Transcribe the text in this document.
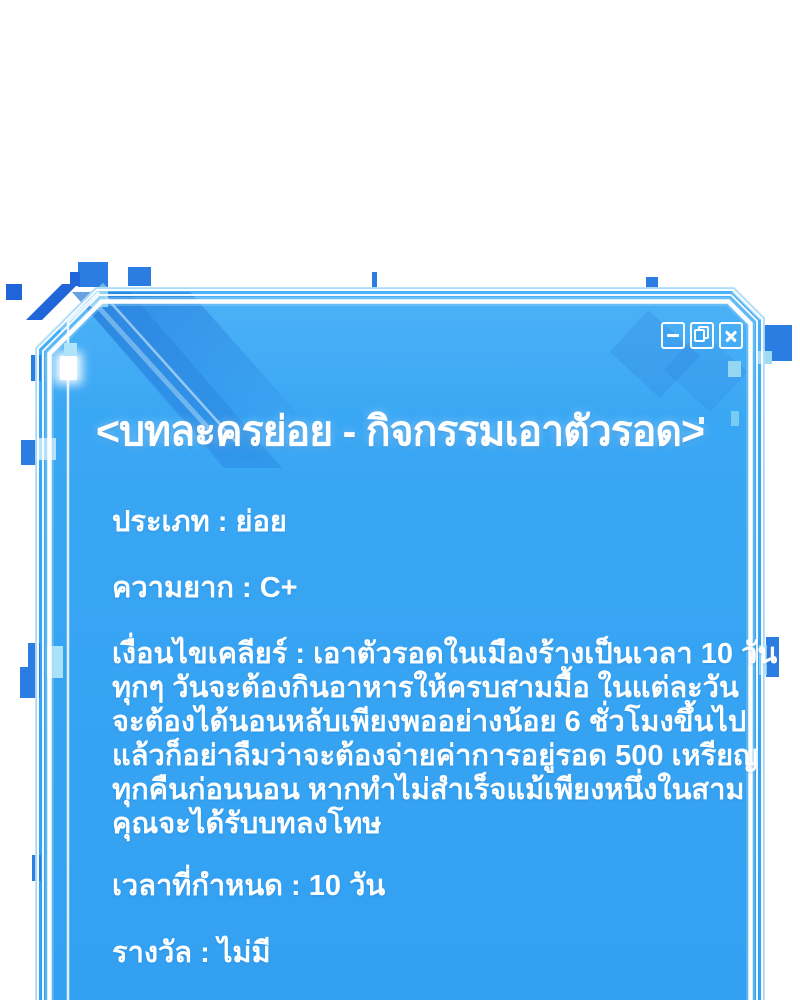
<บทละครย่อย - กิจกรรมเอาตัวรอด>
ประเภท : ย่อย
ความยาก : C+
เงื่อนไขเคลียร์ : เอาตัวรอดในเมืองร้างเป็นเวลา 10 วัน
ทุกๆ วันจะต้องกินอาหารให้ครบสามมื้อ ในแต่ละวัน
จะต้องได้นอนหลับเพียงพออย่างน้อย 6 ชั่วโมงขึ้นไป
แล้วก็อย่าลืมว่าจะต้องจ่ายค่าการอยู่รอด 500 เหรียญ
ทุกคืนก่อนนอน หากทำไม่สำเร็จแม้เพียงหนึ่งในสาม
คุณจะได้รับบทลงโทษ
เวลาที่กำหนด : 10 วัน
รางวัล : ไม่มี
